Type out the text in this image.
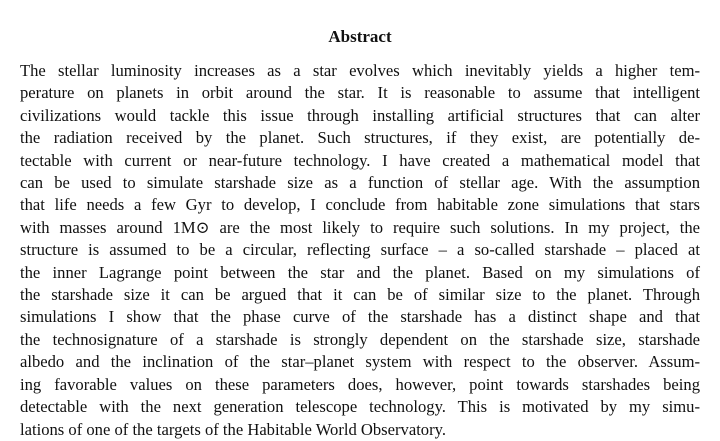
Abstract
The stellar luminosity increases as a star evolves which inevitably yields a higher tem-
perature on planets in orbit around the star. It is reasonable to assume that intelligent
civilizations would tackle this issue through installing artificial structures that can alter
the radiation received by the planet. Such structures, if they exist, are potentially de-
tectable with current or near-future technology. I have created a mathematical model that
can be used to simulate starshade size as a function of stellar age. With the assumption
that life needs a few Gyr to develop, I conclude from habitable zone simulations that stars
with masses around 1M⊙ are the most likely to require such solutions. In my project, the
structure is assumed to be a circular, reflecting surface – a so-called starshade – placed at
the inner Lagrange point between the star and the planet. Based on my simulations of
the starshade size it can be argued that it can be of similar size to the planet. Through
simulations I show that the phase curve of the starshade has a distinct shape and that
the technosignature of a starshade is strongly dependent on the starshade size, starshade
albedo and the inclination of the star–planet system with respect to the observer. Assum-
ing favorable values on these parameters does, however, point towards starshades being
detectable with the next generation telescope technology. This is motivated by my simu-
lations of one of the targets of the Habitable World Observatory.
